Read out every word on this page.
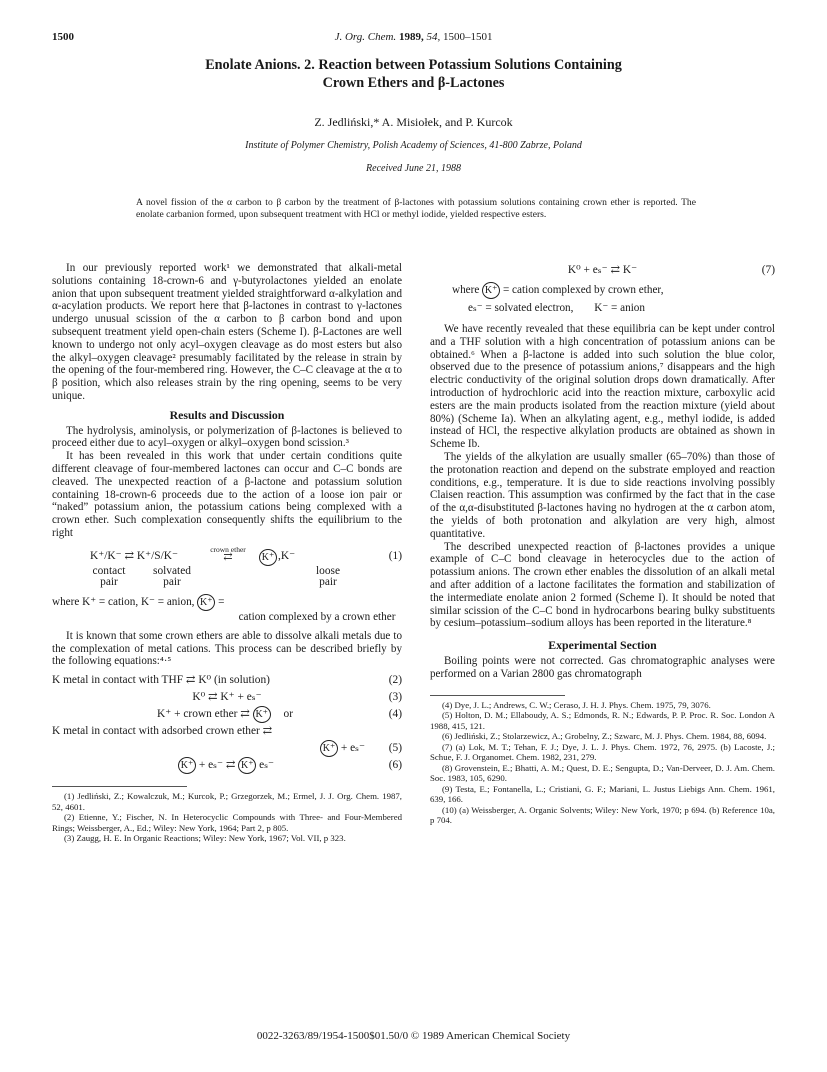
1500	J. Org. Chem. 1989, 54, 1500–1501
Enolate Anions. 2. Reaction between Potassium Solutions Containing
Crown Ethers and β-Lactones
Z. Jedliński,* A. Misiołek, and P. Kurcok
Institute of Polymer Chemistry, Polish Academy of Sciences, 41-800 Zabrze, Poland
Received June 21, 1988
A novel fission of the α carbon to β carbon by the treatment of β-lactones with potassium solutions containing crown ether is reported. The enolate carbanion formed, upon subsequent treatment with HCl or methyl iodide, yielded respective esters.

In our previously reported work¹ we demonstrated that alkali-metal solutions containing 18-crown-6 and γ-butyrolactones yielded an enolate anion that upon subsequent treatment yielded straightforward α-alkylation and α-acylation products. We report here that β-lactones in contrast to γ-lactones undergo unusual scission of the α carbon to β carbon bond and upon subsequent treatment yield open-chain esters (Scheme I). β-Lactones are well known to undergo not only acyl–oxygen cleavage as do most esters but also the alkyl–oxygen cleavage² presumably facilitated by the release in strain by the opening of the four-membered ring. However, the C–C cleavage at the α to β position, which also releases strain by the ring opening, seems to be very unique.

Results and Discussion

The hydrolysis, aminolysis, or polymerization of β-lactones is believed to proceed either due to acyl–oxygen or alkyl–oxygen bond scission.³

It has been revealed in this work that under certain conditions quite different cleavage of four-membered lactones can occur and C–C bonds are cleaved. The unexpected reaction of a β-lactone and potassium solution containing 18-crown-6 proceeds due to the action of a loose ion pair or “naked” potassium anion, the potassium cations being complexed with a crown ether. Such complexation consequently shifts the equilibrium to the right

K⁺/K⁻ ⇄ K⁺/S/K⁻
crown ether
⇄	K⁺ ,K⁻	(1)
contact pair
solvated pair
loose pair
where K⁺ = cation, K⁻ = anion, K⁺ =
cation complexed by a crown ether

It is known that some crown ethers are able to dissolve alkali metals due to the complexation of metal cations. This process can be described briefly by the following equations:⁴·⁵

K metal in contact with THF ⇄ K⁰ (in solution)	(2)
K⁰ ⇄ K⁺ + eₛ⁻	(3)
K⁺ + crown ether ⇄ K⁺ or	(4)
K metal in contact with adsorbed crown ether ⇄
K⁺ + eₛ⁻ (5)
K⁺ + eₛ⁻ ⇄ K⁺ eₛ⁻	(6)

(1) Jedliński, Z.; Kowalczuk, M.; Kurcok, P.; Grzegorzek, M.; Ermel, J. J. Org. Chem. 1987, 52, 4601.

(2) Etienne, Y.; Fischer, N. In Heterocyclic Compounds with Three- and Four-Membered Rings; Weissberger, A., Ed.; Wiley: New York, 1964; Part 2, p 805.

(3) Zaugg, H. E. In Organic Reactions; Wiley: New York, 1967; Vol. VII, p 323.

K⁰ + eₛ⁻ ⇄ K⁻	(7)
where K⁺ = cation complexed by crown ether,
eₛ⁻ = solvated electron, K⁻ = anion

We have recently revealed that these equilibria can be kept under control and a THF solution with a high concentration of potassium anions can be obtained.⁶ When a β-lactone is added into such solution the blue color, observed due to the presence of potassium anions,⁷ disappears and the high electric conductivity of the original solution drops down dramatically. After introduction of hydrochloric acid into the reaction mixture, carboxylic acid esters are the main products isolated from the reaction mixture (yield about 80%) (Scheme Ia). When an alkylating agent, e.g., methyl iodide, is added instead of HCl, the respective alkylation products are obtained as shown in Scheme Ib.

The yields of the alkylation are usually smaller (65–70%) than those of the protonation reaction and depend on the substrate employed and reaction conditions, e.g., temperature. It is due to side reactions involving possibly Claisen reaction. This assumption was confirmed by the fact that in the case of the α,α-disubstituted β-lactones having no hydrogen at the α carbon atom, the yields of both protonation and alkylation are very high, almost quantitative.

The described unexpected reaction of β-lactones provides a unique example of C–C bond cleavage in heterocycles due to the action of potassium anions. The crown ether enables the dissolution of an alkali metal and after addition of a lactone facilitates the formation and stabilization of the intermediate enolate anion 2 formed (Scheme I). It should be noted that similar scission of the C–C bond in hydrocarbons bearing bulky substituents by cesium–potassium–sodium alloys has been reported in the literature.⁸

Experimental Section

Boiling points were not corrected. Gas chromatographic analyses were performed on a Varian 2800 gas chromatograph

(4) Dye, J. L.; Andrews, C. W.; Ceraso, J. H. J. Phys. Chem. 1975, 79, 3076.

(5) Holton, D. M.; Ellaboudy, A. S.; Edmonds, R. N.; Edwards, P. P. Proc. R. Soc. London A 1988, 415, 121.

(6) Jedliński, Z.; Stolarzewicz, A.; Grobelny, Z.; Szwarc, M. J. Phys. Chem. 1984, 88, 6094.

(7) (a) Lok, M. T.; Tehan, F. J.; Dye, J. L. J. Phys. Chem. 1972, 76, 2975. (b) Lacoste, J.; Schue, F. J. Organomet. Chem. 1982, 231, 279.

(8) Grovenstein, E.; Bhatti, A. M.; Quest, D. E.; Sengupta, D.; Van-Derveer, D. J. Am. Chem. Soc. 1983, 105, 6290.

(9) Testa, E.; Fontanella, L.; Cristiani, G. F.; Mariani, L. Justus Liebigs Ann. Chem. 1961, 639, 166.

(10) (a) Weissberger, A. Organic Solvents; Wiley: New York, 1970; p 694. (b) Reference 10a, p 704.

0022-3263/89/1954-1500$01.50/0 © 1989 American Chemical Society
